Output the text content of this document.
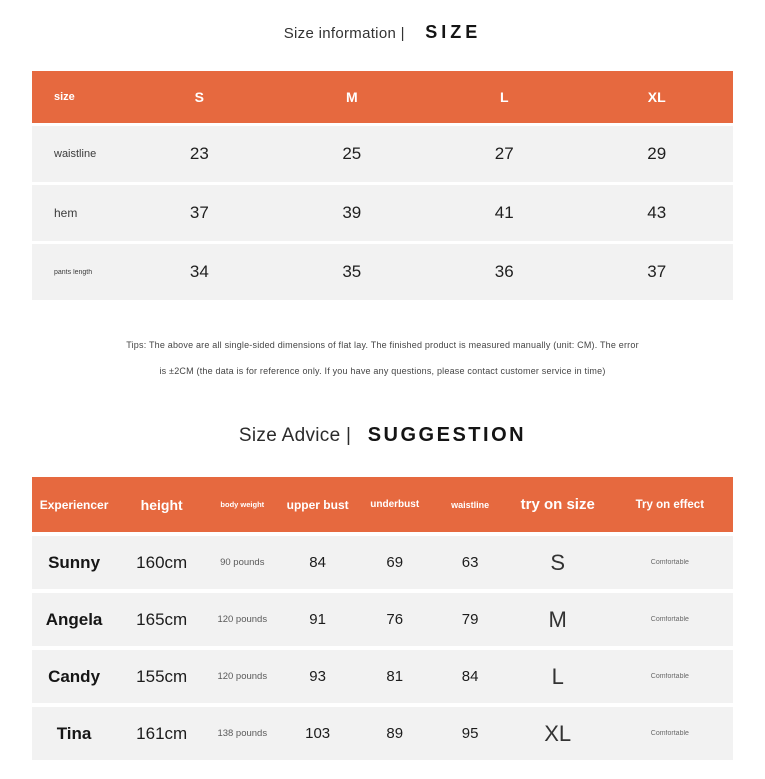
Size information | SIZE
size	S	M	L	XL
waistline	23	25	27	29
hem	37	39	41	43
pants length	34	35	36	37
Tips: The above are all single-sided dimensions of flat lay. The finished product is measured manually (unit: CM). The error
is ±2CM (the data is for reference only. If you have any questions, please contact customer service in time)
Size Advice | SUGGESTION
Experiencer	height	body weight	upper bust	underbust	waistline	try on size	Try on effect
Sunny	160cm	90 pounds	84	69	63	S	Comfortable
Angela	165cm	120 pounds	91	76	79	M	Comfortable
Candy	155cm	120 pounds	93	81	84	L	Comfortable
Tina	161cm	138 pounds	103	89	95	XL	Comfortable
